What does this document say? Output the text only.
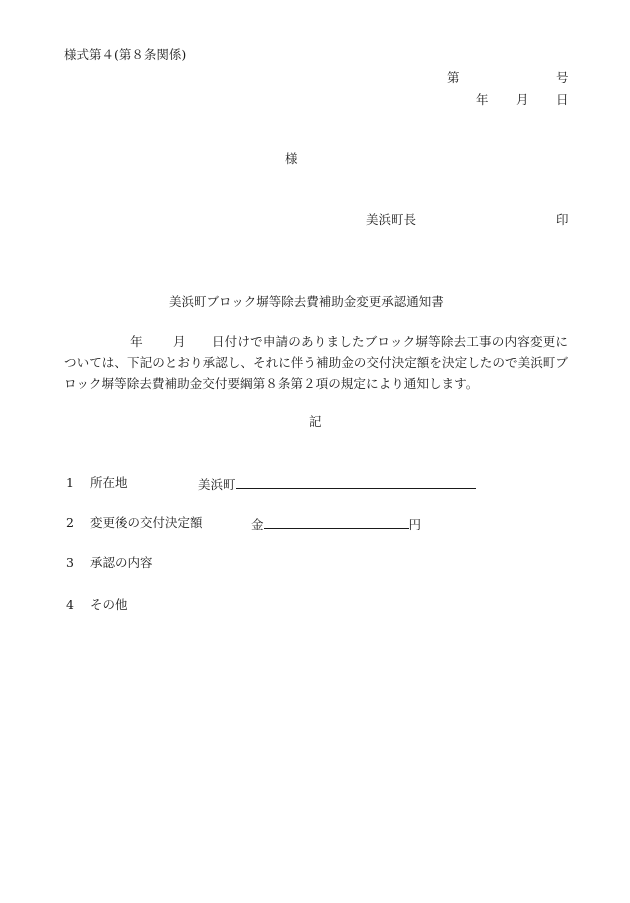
様式第４(第８条関係)
第	号
年 月 日
様
美浜町長	印
美浜町ブロック塀等除去費補助金変更承認通知書
年 月 日付けで申請のありましたブロック塀等除去工事の内容変更については、下記のとおり承認し、それに伴う補助金の交付決定額を決定したので美浜町ブロック塀等除去費補助金交付要綱第８条第２項の規定により通知します。
記
1 所在地	美浜町
2 変更後の交付決定額	金	円
3 承認の内容
4 その他
